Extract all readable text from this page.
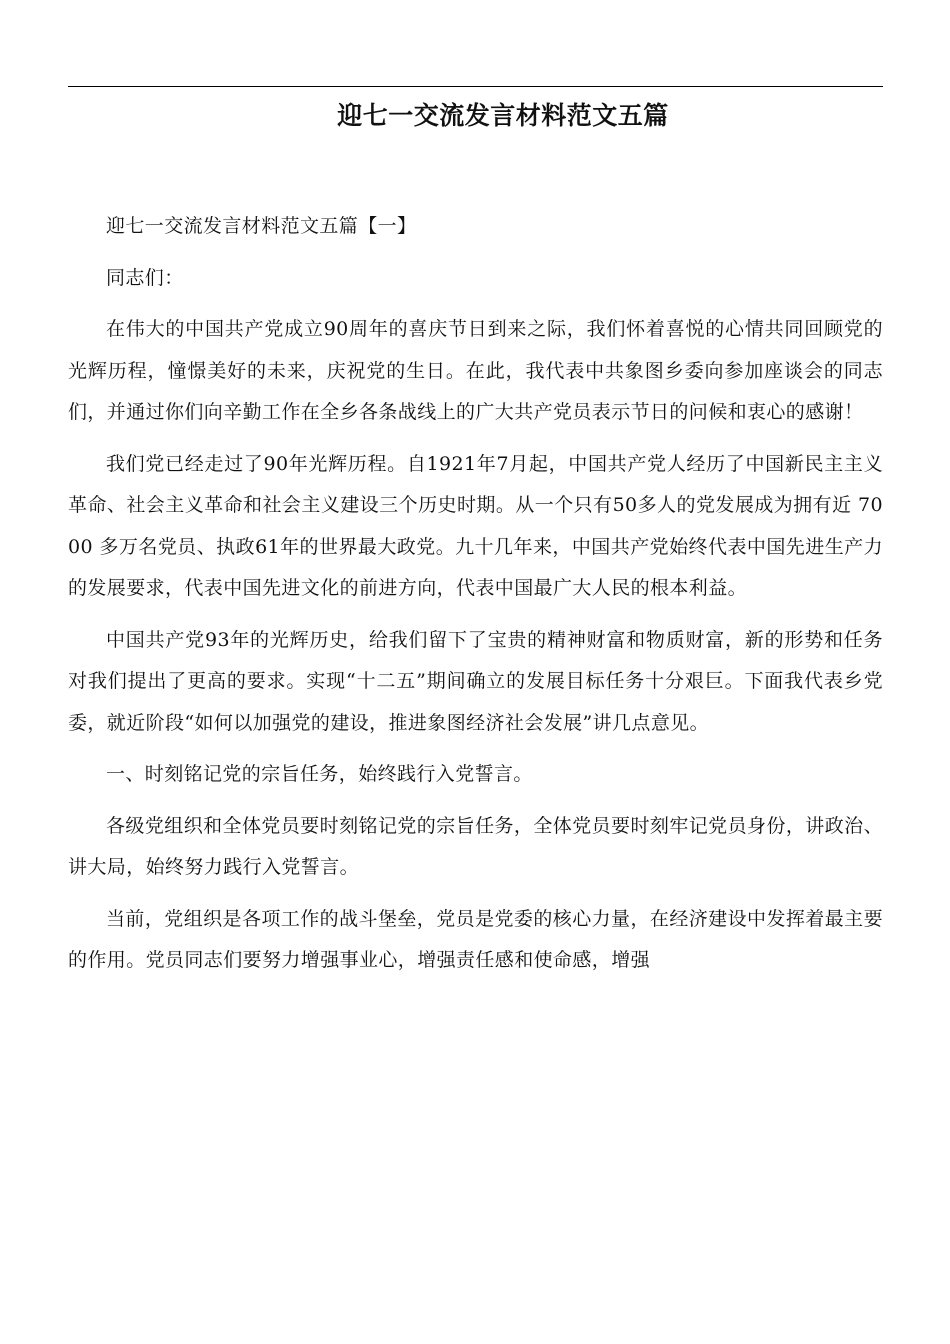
迎七一交流发言材料范文五篇

迎七一交流发言材料范文五篇【一】

同志们：

在伟大的中国共产党成立90周年的喜庆节日到来之际，我们怀着喜悦的心情共同回顾党的光辉历程，憧憬美好的未来，庆祝党的生日。在此，我代表中共象图乡委向参加座谈会的同志们，并通过你们向辛勤工作在全乡各条战线上的广大共产党员表示节日的问候和衷心的感谢！

我们党已经走过了90年光辉历程。自1921年7月起，中国共产党人经历了中国新民主主义革命、社会主义革命和社会主义建设三个历史时期。从一个只有50多人的党发展成为拥有近 7000 多万名党员、执政61年的世界最大政党。九十几年来，中国共产党始终代表中国先进生产力的发展要求，代表中国先进文化的前进方向，代表中国最广大人民的根本利益。

中国共产党93年的光辉历史，给我们留下了宝贵的精神财富和物质财富，新的形势和任务对我们提出了更高的要求。实现“十二五”期间确立的发展目标任务十分艰巨。下面我代表乡党委，就近阶段“如何以加强党的建设，推进象图经济社会发展”讲几点意见。

一、时刻铭记党的宗旨任务，始终践行入党誓言。

各级党组织和全体党员要时刻铭记党的宗旨任务，全体党员要时刻牢记党员身份，讲政治、讲大局，始终努力践行入党誓言。

当前，党组织是各项工作的战斗堡垒，党员是党委的核心力量，在经济建设中发挥着最主要的作用。党员同志们要努力增强事业心，增强责任感和使命感，增强
